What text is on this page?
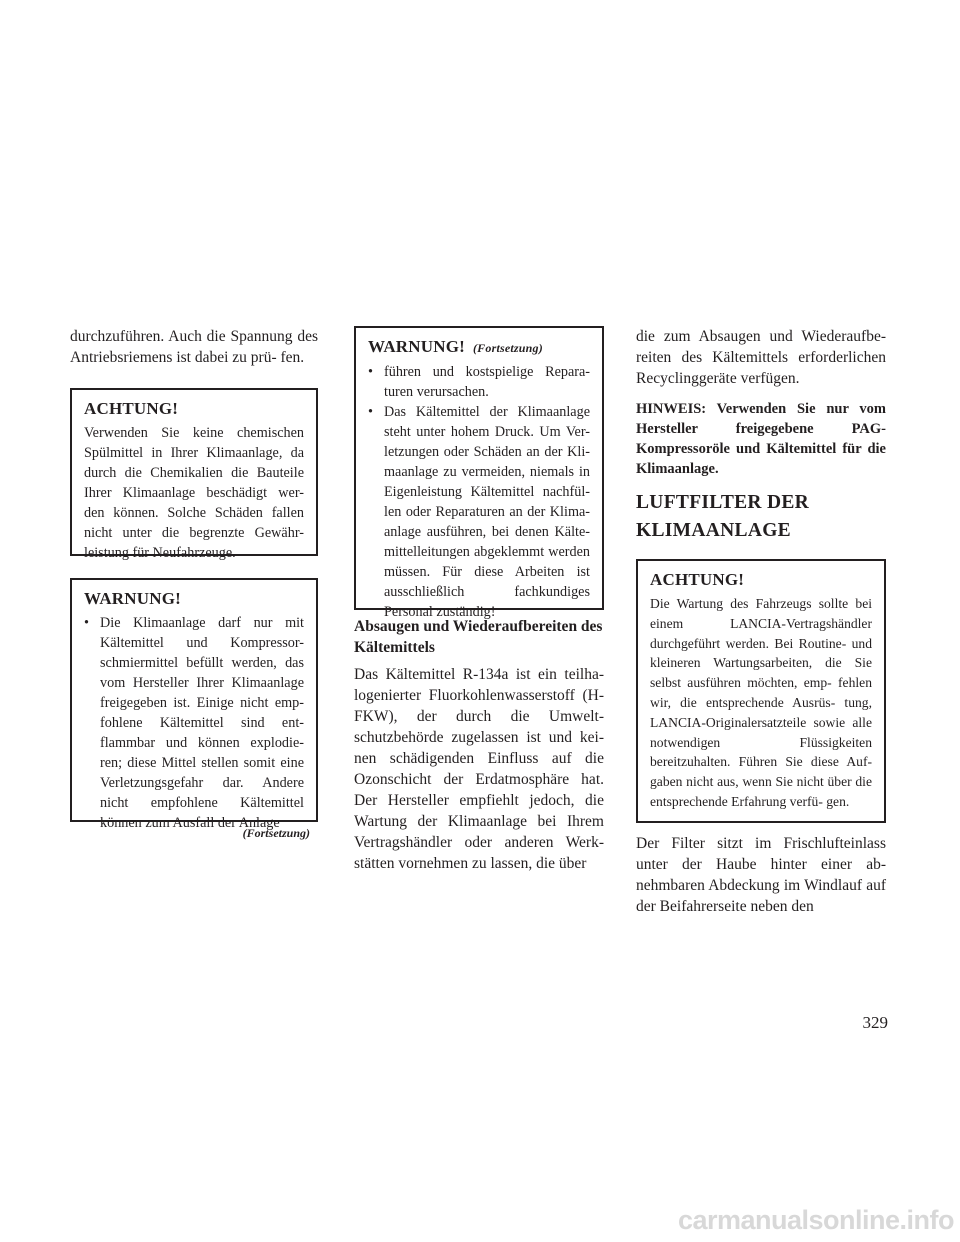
durchzuführen. Auch die Spannung des Antriebsriemens ist dabei zu prü- fen.

ACHTUNG!

Verwenden Sie keine chemischen Spülmittel in Ihrer Klimaanlage, da durch die Chemikalien die Bauteile Ihrer Klimaanlage beschädigt wer- den können. Solche Schäden fallen nicht unter die begrenzte Gewähr- leistung für Neufahrzeuge.

WARNUNG!
• Die Klimaanlage darf nur mit Kältemittel und Kompressor- schmiermittel befüllt werden, das vom Hersteller Ihrer Klimaanlage freigegeben ist. Einige nicht emp- fohlene Kältemittel sind ent- flammbar und können explodie- ren; diese Mittel stellen somit eine Verletzungsgefahr dar. Andere nicht empfohlene Kältemittel können zum Ausfall der Anlage
(Fortsetzung)
WARNUNG! (Fortsetzung)
• führen und kostspielige Repara- turen verursachen.
• Das Kältemittel der Klimaanlage steht unter hohem Druck. Um Ver- letzungen oder Schäden an der Kli- maanlage zu vermeiden, niemals in Eigenleistung Kältemittel nachfül- len oder Reparaturen an der Klima- anlage ausführen, bei denen Kälte- mittelleitungen abgeklemmt werden müssen. Für diese Arbeiten ist ausschließlich fachkundiges Personal zuständig!
Absaugen und Wiederaufbereiten des Kältemittels

Das Kältemittel R-134a ist ein teilha- logenierter Fluorkohlenwasserstoff (H-FKW), der durch die Umwelt- schutzbehörde zugelassen ist und kei- nen schädigenden Einfluss auf die Ozonschicht der Erdatmosphäre hat. Der Hersteller empfiehlt jedoch, die Wartung der Klimaanlage bei Ihrem Vertragshändler oder anderen Werk- stätten vornehmen zu lassen, die über

die zum Absaugen und Wiederaufbe- reiten des Kältemittels erforderlichen Recyclinggeräte verfügen.

HINWEIS: Verwenden Sie nur vom Hersteller freigegebene PAG- Kompressoröle und Kältemittel für die Klimaanlage.

LUFTFILTER DER
KLIMAANLAGE
ACHTUNG!

Die Wartung des Fahrzeugs sollte bei einem LANCIA-Vertragshändler durchgeführt werden. Bei Routine- und kleineren Wartungsarbeiten, die Sie selbst ausführen möchten, emp- fehlen wir, die entsprechende Ausrüs- tung, LANCIA-Originalersatzteile sowie alle notwendigen Flüssigkeiten bereitzuhalten. Führen Sie diese Auf- gaben nicht aus, wenn Sie nicht über die entsprechende Erfahrung verfü- gen.

Der Filter sitzt im Frischlufteinlass unter der Haube hinter einer ab- nehmbaren Abdeckung im Windlauf auf der Beifahrerseite neben den

329
carmanualsonline.info
